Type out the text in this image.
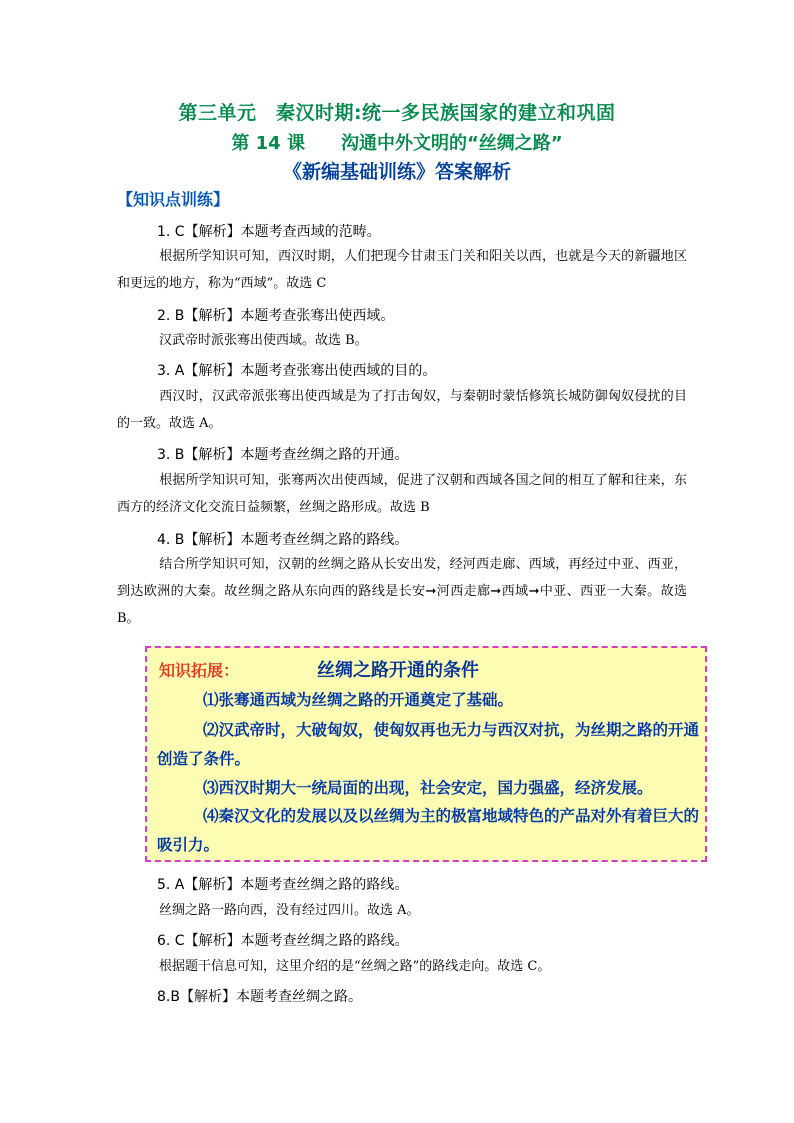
第三单元　秦汉时期:统一多民族国家的建立和巩固
第 14 课　　沟通中外文明的“丝绸之路”
《新编基础训练》答案解析
【知识点训练】
1. C【解析】本题考查西域的范畴。
根据所学知识可知，西汉时期，人们把现今甘肃玉门关和阳关以西，也就是今天的新疆地区和更远的地方，称为“西域”。故选 C
2. B【解析】本题考查张骞出使西域。
汉武帝时派张骞出使西域。故选 B。
3. A【解析】本题考查张骞出使西域的目的。
西汉时，汉武帝派张骞出使西域是为了打击匈奴，与秦朝时蒙恬修筑长城防御匈奴侵扰的目的一致。故选 A。
3. B【解析】本题考查丝绸之路的开通。
根据所学知识可知，张骞两次出使西域，促进了汉朝和西域各国之间的相互了解和往来，东西方的经济文化交流日益频繁，丝绸之路形成。故选 B
4. B【解析】本题考查丝绸之路的路线。
结合所学知识可知，汉朝的丝绸之路从长安出发，经河西走廊、西域，再经过中亚、西亚，到达欧洲的大秦。故丝绸之路从东向西的路线是长安➞河西走廊➞西域➞中亚、西亚一大秦。故选 B。
知识拓展：	丝绸之路开通的条件
⑴张骞通西域为丝绸之路的开通奠定了基础。
⑵汉武帝时，大破匈奴，使匈奴再也无力与西汉对抗，为丝期之路的开通创造了条件。
⑶西汉时期大一统局面的出现，社会安定，国力强盛，经济发展。
⑷秦汉文化的发展以及以丝绸为主的极富地域特色的产品对外有着巨大的吸引力。
5. A【解析】本题考查丝绸之路的路线。
丝绸之路一路向西，没有经过四川。故选 A。
6. C【解析】本题考查丝绸之路的路线。
根据题干信息可知，这里介绍的是“丝绸之路”的路线走向。故选 C。
8.B【解析】本题考查丝绸之路。
